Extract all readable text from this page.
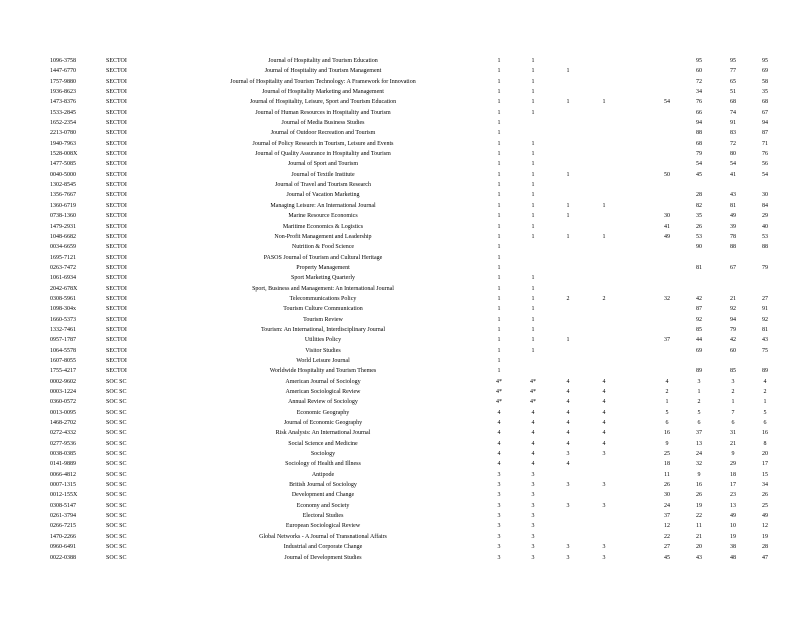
1096-3758	SECTOI	Journal of Hospitality and Tourism Education	1	1					95	95	95
1447-6770	SECTOI	Journal of Hospitality and Tourism Management	1	1	1				60	77	69
1757-9880	SECTOI	Journal of Hospitality and Tourism Technology: A Framework for Innovation	1	1					72	65	58
1936-8623	SECTOI	Journal of Hospitality Marketing and Management	1	1					34	51	35
1473-8376	SECTOI	Journal of Hospitality, Leisure, Sport and Tourism Education	1	1	1	1		54	76	68	68
1533-2845	SECTOI	Journal of Human Resources in Hospitality and Tourism	1	1					66	74	67
1652-2354	SECTOI	Journal of Media Business Studies	1						94	91	94
2213-0780	SECTOI	Journal of Outdoor Recreation and Tourism	1						88	83	87
1940-7963	SECTOI	Journal of Policy Research in Tourism, Leisure and Events	1	1					68	72	71
1528-008X	SECTOI	Journal of Quality Assurance in Hospitality and Tourism	1	1					79	80	76
1477-5085	SECTOI	Journal of Sport and Tourism	1	1					54	54	56
0040-5000	SECTOI	Journal of Textile Institute	1	1	1			50	45	41	54
1302-8545	SECTOI	Journal of Travel and Tourism Research	1	1							
1356-7667	SECTOI	Journal of Vacation Marketing	1	1					28	43	30
1360-6719	SECTOI	Managing Leisure: An International Journal	1	1	1	1			82	81	84
0738-1360	SECTOI	Marine Resource Economics	1	1	1			30	35	49	29
1479-2931	SECTOI	Maritime Economics & Logistics	1	1				41	26	39	40
1048-6682	SECTOI	Non-Profit Management and Leadership	1	1	1	1		49	53	78	53
0034-6659	SECTOI	Nutrition & Food Science	1						90	88	88
1695-7121	SECTOI	PASOS Journal of Tourism and Cultural Heritage	1								
0263-7472	SECTOI	Property Management	1						81	67	79
1061-6934	SECTOI	Sport Marketing Quarterly	1	1							
2042-678X	SECTOI	Sport, Business and Management: An International Journal	1	1							
0308-5961	SECTOI	Telecommunications Policy	1	1	2	2		32	42	21	27
1098-304x	SECTOI	Tourism Culture Communication	1	1					87	92	91
1660-5373	SECTOI	Tourism Review	1	1					92	94	92
1332-7461	SECTOI	Tourism: An International, Interdisciplinary Journal	1	1					85	79	81
0957-1787	SECTOI	Utilities Policy	1	1	1			37	44	42	43
1064-5578	SECTOI	Visitor Studies	1	1					69	60	75
1607-8055	SECTOI	World Leisure Journal	1								
1755-4217	SECTOI	Worldwide Hospitality and Tourism Themes	1						89	85	89
0002-9602	SOC SC	American Journal of Sociology	4*	4*	4	4		4	3	3	4
0003-1224	SOC SC	American Sociological Review	4*	4*	4	4		2	1	2	2
0360-0572	SOC SC	Annual Review of Sociology	4*	4*	4	4		1	2	1	1
0013-0095	SOC SC	Economic Geography	4	4	4	4		5	5	7	5
1468-2702	SOC SC	Journal of Economic Geography	4	4	4	4		6	6	6	6
0272-4332	SOC SC	Risk Analysis: An International Journal	4	4	4	4		16	37	31	16
0277-9536	SOC SC	Social Science and Medicine	4	4	4	4		9	13	21	8
0038-0385	SOC SC	Sociology	4	4	3	3		25	24	9	20
0141-9889	SOC SC	Sociology of Health and Illness	4	4	4			18	32	29	17
0066-4812	SOC SC	Antipode	3	3				11	9	18	15
0007-1315	SOC SC	British Journal of Sociology	3	3	3	3		26	16	17	34
0012-155X	SOC SC	Development and Change	3	3				30	26	23	26
0308-5147	SOC SC	Economy and Society	3	3	3	3		24	19	13	25
0261-3794	SOC SC	Electoral Studies	3	3				37	22	49	49
0266-7215	SOC SC	European Sociological Review	3	3				12	11	10	12
1470-2266	SOC SC	Global Networks - A Journal of Transnational Affairs	3	3				22	21	19	19
0960-6491	SOC SC	Industrial and Corporate Change	3	3	3	3		27	20	38	28
0022-0388	SOC SC	Journal of Development Studies	3	3	3	3		45	43	48	47
